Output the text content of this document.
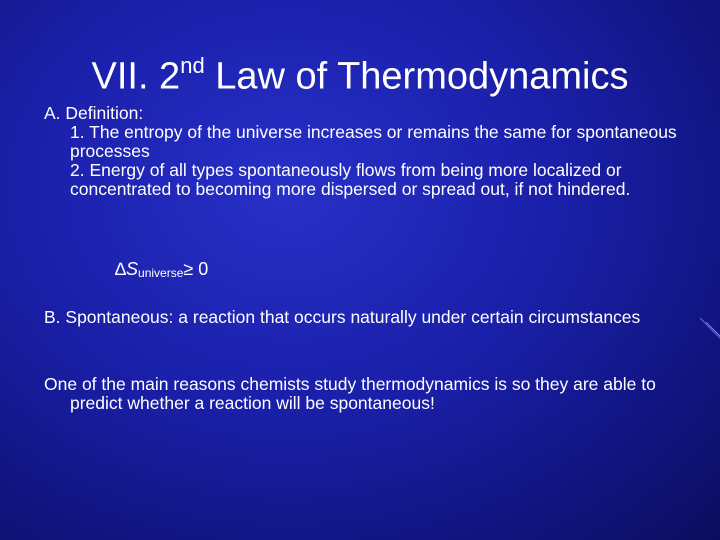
VII. 2nd Law of Thermodynamics

A. Definition:

1. The entropy of the universe increases or remains the same for spontaneous processes

2. Energy of all types spontaneously flows from being more localized or concentrated to becoming more dispersed or spread out, if not hindered.

$\Delta S_{universe}\ge 0$

B. Spontaneous: a reaction that occurs naturally under certain circumstances

One of the main reasons chemists study thermodynamics is so they are able to predict whether a reaction will be spontaneous!
